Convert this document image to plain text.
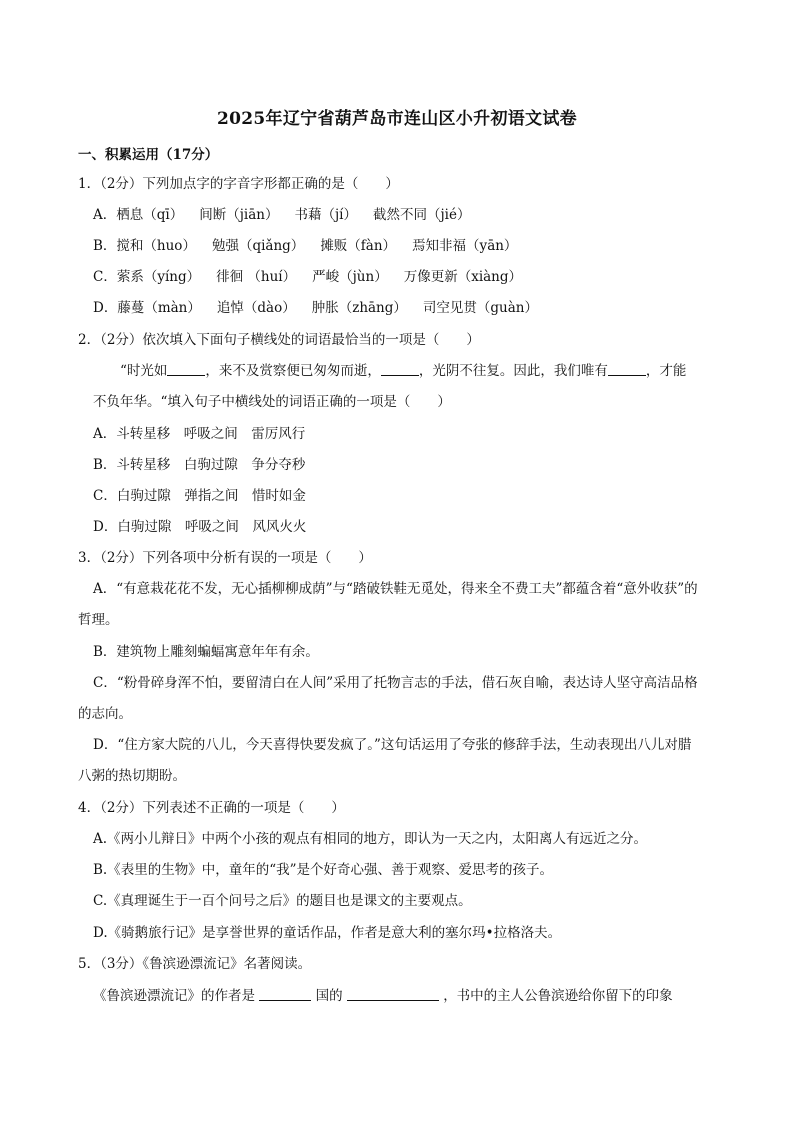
2025年辽宁省葫芦岛市连山区小升初语文试卷
一、积累运用（17分）
1．（2分）下列加点字的字音字形都正确的是（　　）
A．栖息（qī） 间断（jiān） 书藉（jí） 截然不同（jié）
B．搅和（huo） 勉强（qiǎng） 摊贩（fàn） 焉知非福（yān）
C．萦系（yíng） 徘徊 （huí） 严峻（jùn） 万像更新（xiàng）
D．藤蔓（màn） 追悼（dào） 肿胀（zhāng） 司空见贯（guàn）
2．（2分）依次填入下面句子横线处的词语最恰当的一项是（　　）
“时光如	，来不及赏察便已匆匆而逝，	，光阴不往复。因此，我们唯有	，才能
不负年华。“填入句子中横线处的词语正确的一项是（　　）
A．斗转星移　呼吸之间　雷厉风行
B．斗转星移　白驹过隙　争分夺秒
C．白驹过隙　弹指之间　惜时如金
D．白驹过隙　呼吸之间　风风火火
3．（2分）下列各项中分析有误的一项是（　　）
A．“有意栽花花不发，无心插柳柳成荫”与“踏破铁鞋无觅处，得来全不费工夫”都蕴含着“意外收获”的
哲理。
B．建筑物上雕刻蝙蝠寓意年年有余。
C．“粉骨碎身浑不怕，要留清白在人间”采用了托物言志的手法，借石灰自喻，表达诗人坚守高洁品格
的志向。
D．“住方家大院的八儿，今天喜得快要发疯了。”这句话运用了夸张的修辞手法，生动表现出八儿对腊
八粥的热切期盼。
4．（2分）下列表述不正确的一项是（　　）
A.《两小儿辩日》中两个小孩的观点有相同的地方，即认为一天之内，太阳离人有远近之分。
B.《表里的生物》中，童年的“我”是个好奇心强、善于观察、爱思考的孩子。
C.《真理诞生于一百个问号之后》的题目也是课文的主要观点。
D.《骑鹅旅行记》是享誉世界的童话作品，作者是意大利的塞尔玛•拉格洛夫。
5．（3分）《鲁滨逊漂流记》名著阅读。
《鲁滨逊漂流记》的作者是	国的	，书中的主人公鲁滨逊给你留下的印象
